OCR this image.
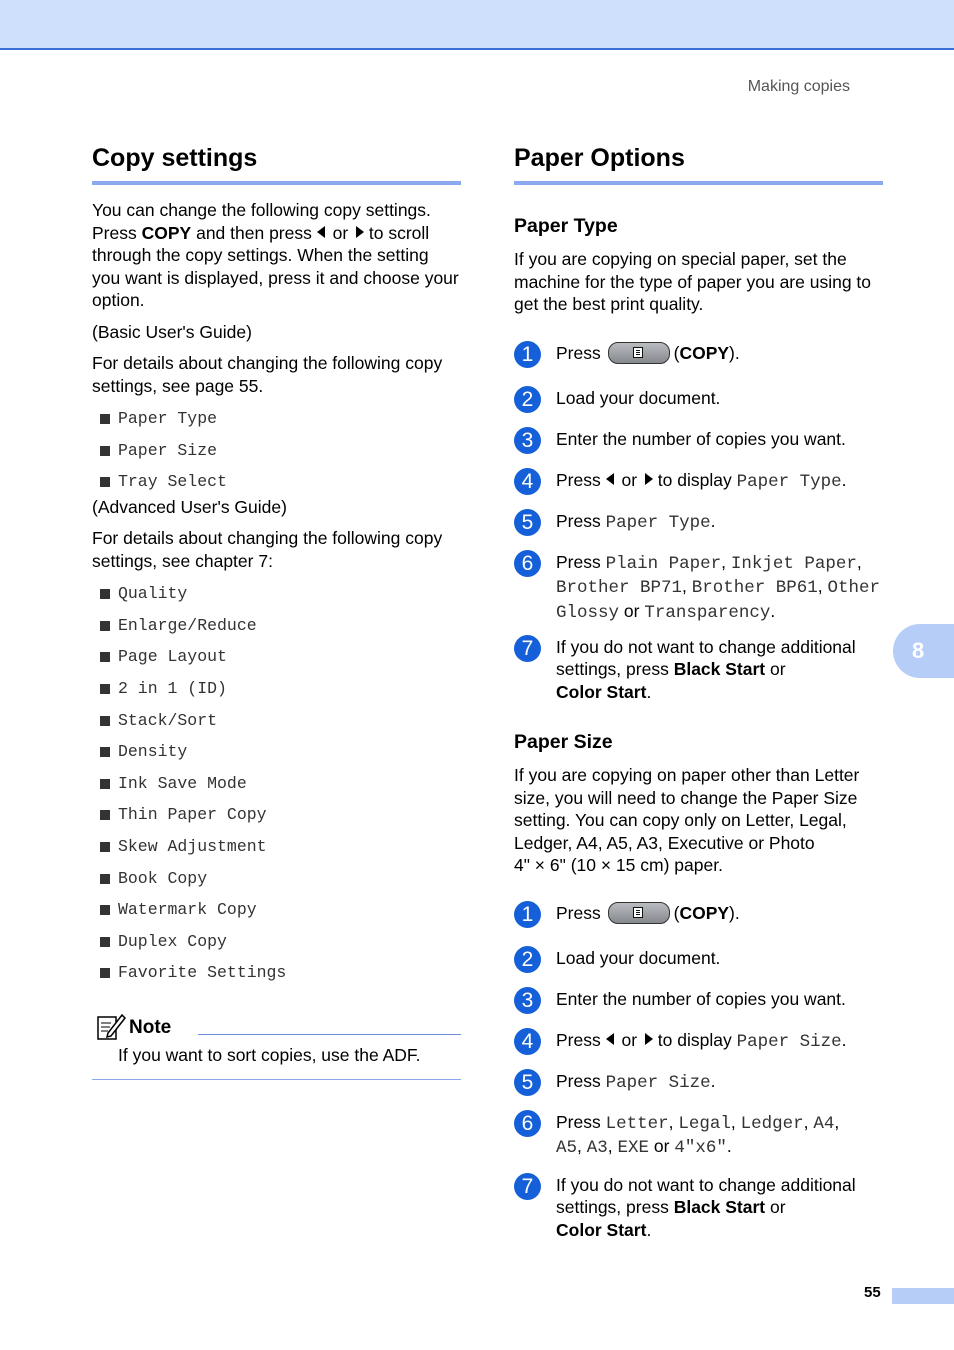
Making copies
Copy settings

You can change the following copy settings. Press COPY and then press  or  to scroll through the copy settings. When the setting you want is displayed, press it and choose your option.

(Basic User's Guide)

For details about changing the following copy settings, see page 55.

Paper Type
Paper Size
Tray Select

(Advanced User's Guide)

For details about changing the following copy settings, see chapter 7:

Quality
Enlarge/Reduce
Page Layout
2 in 1 (ID)
Stack/Sort
Density
Ink Save Mode
Thin Paper Copy
Skew Adjustment
Book Copy
Watermark Copy
Duplex Copy
Favorite Settings
Note
If you want to sort copies, use the ADF.
Paper Options
Paper Type

If you are copying on special paper, set the machine for the type of paper you are using to get the best print quality.

1	Press	(COPY).
2	Load your document.
3	Enter the number of copies you want.
4	Press  or  to display Paper Type.
5	Press Paper Type.
6	Press Plain Paper, Inkjet Paper, Brother BP71, Brother BP61, Other Glossy or Transparency.
7	If you do not want to change additional settings, press Black Start or
Color Start.
Paper Size

If you are copying on paper other than Letter size, you will need to change the Paper Size setting. You can copy only on Letter, Legal, Ledger, A4, A5, A3, Executive or Photo
4" × 6" (10 × 15 cm) paper.

1	Press	(COPY).
2	Load your document.
3	Enter the number of copies you want.
4	Press  or  to display Paper Size.
5	Press Paper Size.
6	Press Letter, Legal, Ledger, A4,
A5, A3, EXE or 4"x6".
7	If you do not want to change additional settings, press Black Start or
Color Start.
8
55
